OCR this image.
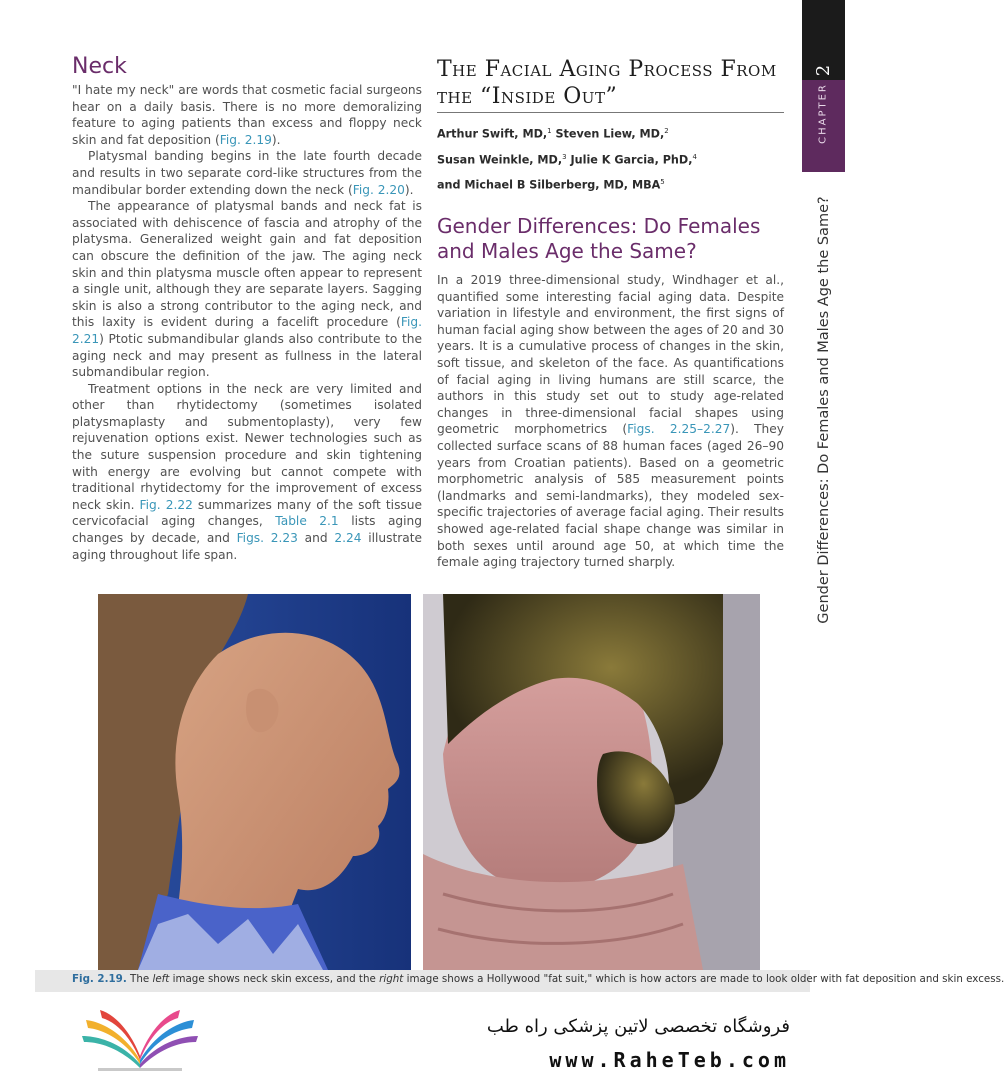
2
CHAPTER
Gender Differences: Do Females and Males Age the Same?
Neck

"I hate my neck" are words that cosmetic facial surgeons hear on a daily basis. There is no more demoralizing feature to aging patients than excess and floppy neck skin and fat deposition (Fig. 2.19).

Platysmal banding begins in the late fourth decade and results in two separate cord-like structures from the mandibular border extending down the neck (Fig. 2.20).

The appearance of platysmal bands and neck fat is associated with dehiscence of fascia and atrophy of the platysma. Generalized weight gain and fat deposition can obscure the definition of the jaw. The aging neck skin and thin platysma muscle often appear to represent a single unit, although they are separate layers. Sagging skin is also a strong contributor to the aging neck, and this laxity is evident during a facelift procedure (Fig. 2.21) Ptotic submandibular glands also contribute to the aging neck and may present as fullness in the lateral submandibular region.

Treatment options in the neck are very limited and other than rhytidectomy (sometimes isolated platysmaplasty and submentoplasty), very few rejuvenation options exist. Newer technologies such as the suture suspension procedure and skin tightening with energy are evolving but cannot compete with traditional rhytidectomy for the improvement of excess neck skin. Fig. 2.22 summarizes many of the soft tissue cervicofacial aging changes, Table 2.1 lists aging changes by decade, and Figs. 2.23 and 2.24 illustrate aging throughout life span.

The Facial Aging Process From the “Inside Out”
Arthur Swift, MD,$^1$ Steven Liew, MD,$^2$
Susan Weinkle, MD,$^3$ Julie K Garcia, PhD,$^4$
and Michael B Silberberg, MD, MBA$^5$
Gender Differences: Do Females and Males Age the Same?

In a 2019 three-dimensional study, Windhager et al., quantified some interesting facial aging data. Despite variation in lifestyle and environment, the first signs of human facial aging show between the ages of 20 and 30 years. It is a cumulative process of changes in the skin, soft tissue, and skeleton of the face. As quantifications of facial aging in living humans are still scarce, the authors in this study set out to study age-related changes in three-dimensional facial shapes using geometric morphometrics (Figs. 2.25–2.27). They collected surface scans of 88 human faces (aged 26–90 years from Croatian patients). Based on a geometric morphometric analysis of 585 measurement points (landmarks and semi-landmarks), they modeled sex-specific trajectories of average facial aging. Their results showed age-related facial shape change was similar in both sexes until around age 50, at which time the female aging trajectory turned sharply.

Fig. 2.19. The left image shows neck skin excess, and the right image shows a Hollywood "fat suit," which is how actors are made to look older with fat deposition and skin excess.
فروشگاه تخصصی لاتین پزشکی راه طب
www.RaheTeb.com
